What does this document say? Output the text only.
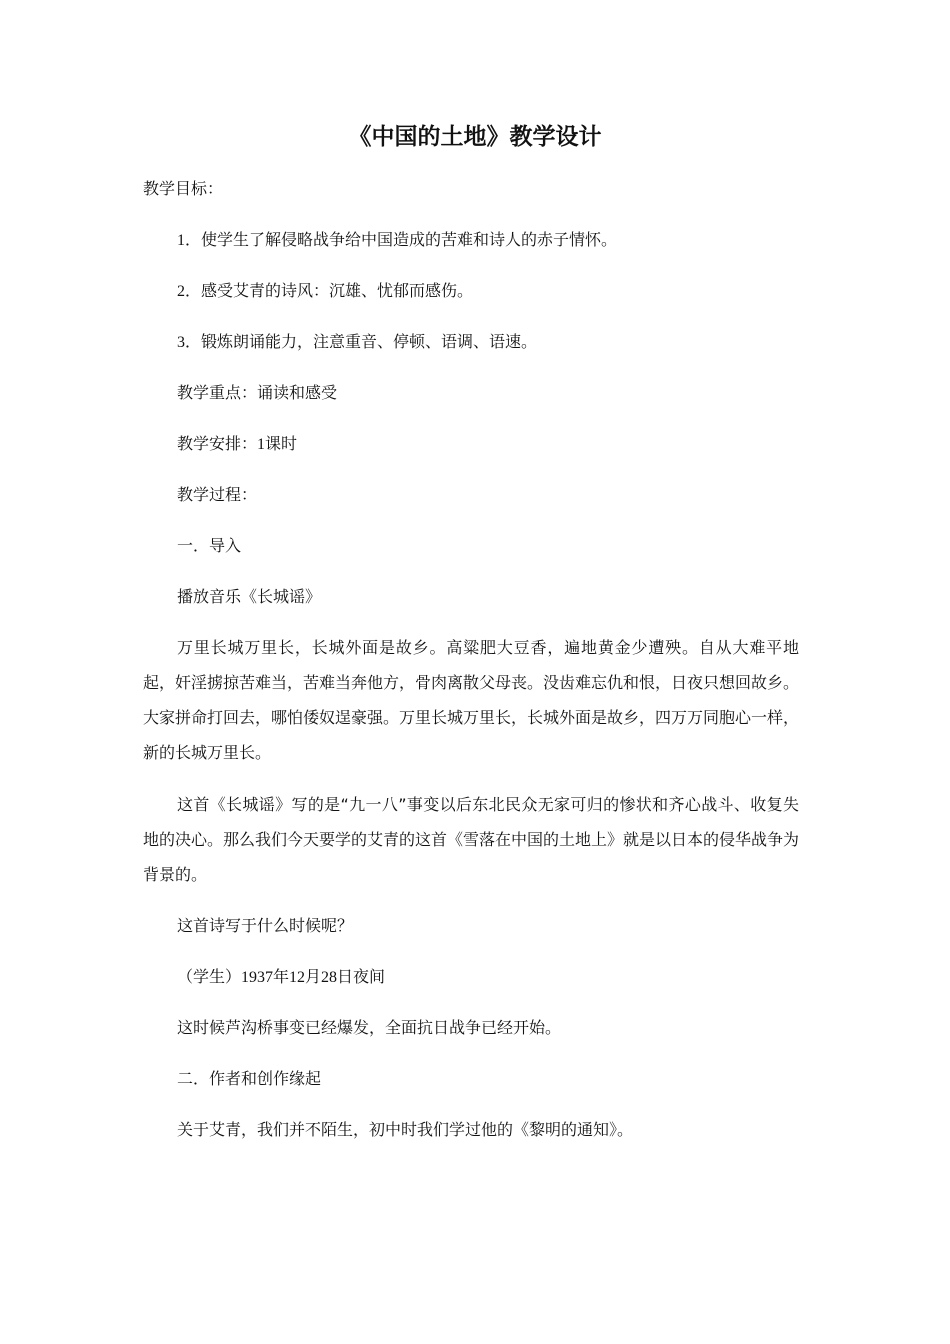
《中国的土地》教学设计

教学目标：

1．使学生了解侵略战争给中国造成的苦难和诗人的赤子情怀。

2．感受艾青的诗风：沉雄、忧郁而感伤。

3．锻炼朗诵能力，注意重音、停顿、语调、语速。

教学重点：诵读和感受

教学安排：1课时

教学过程：

一．导入

播放音乐《长城谣》

万里长城万里长，长城外面是故乡。高粱肥大豆香，遍地黄金少遭殃。自从大难平地起，奸淫掳掠苦难当，苦难当奔他方，骨肉离散父母丧。没齿难忘仇和恨，日夜只想回故乡。大家拼命打回去，哪怕倭奴逞豪强。万里长城万里长，长城外面是故乡，四万万同胞心一样，新的长城万里长。

这首《长城谣》写的是“九一八”事变以后东北民众无家可归的惨状和齐心战斗、收复失地的决心。那么我们今天要学的艾青的这首《雪落在中国的土地上》就是以日本的侵华战争为背景的。

这首诗写于什么时候呢？

（学生）1937年12月28日夜间

这时候芦沟桥事变已经爆发，全面抗日战争已经开始。

二．作者和创作缘起

关于艾青，我们并不陌生，初中时我们学过他的《黎明的通知》。
